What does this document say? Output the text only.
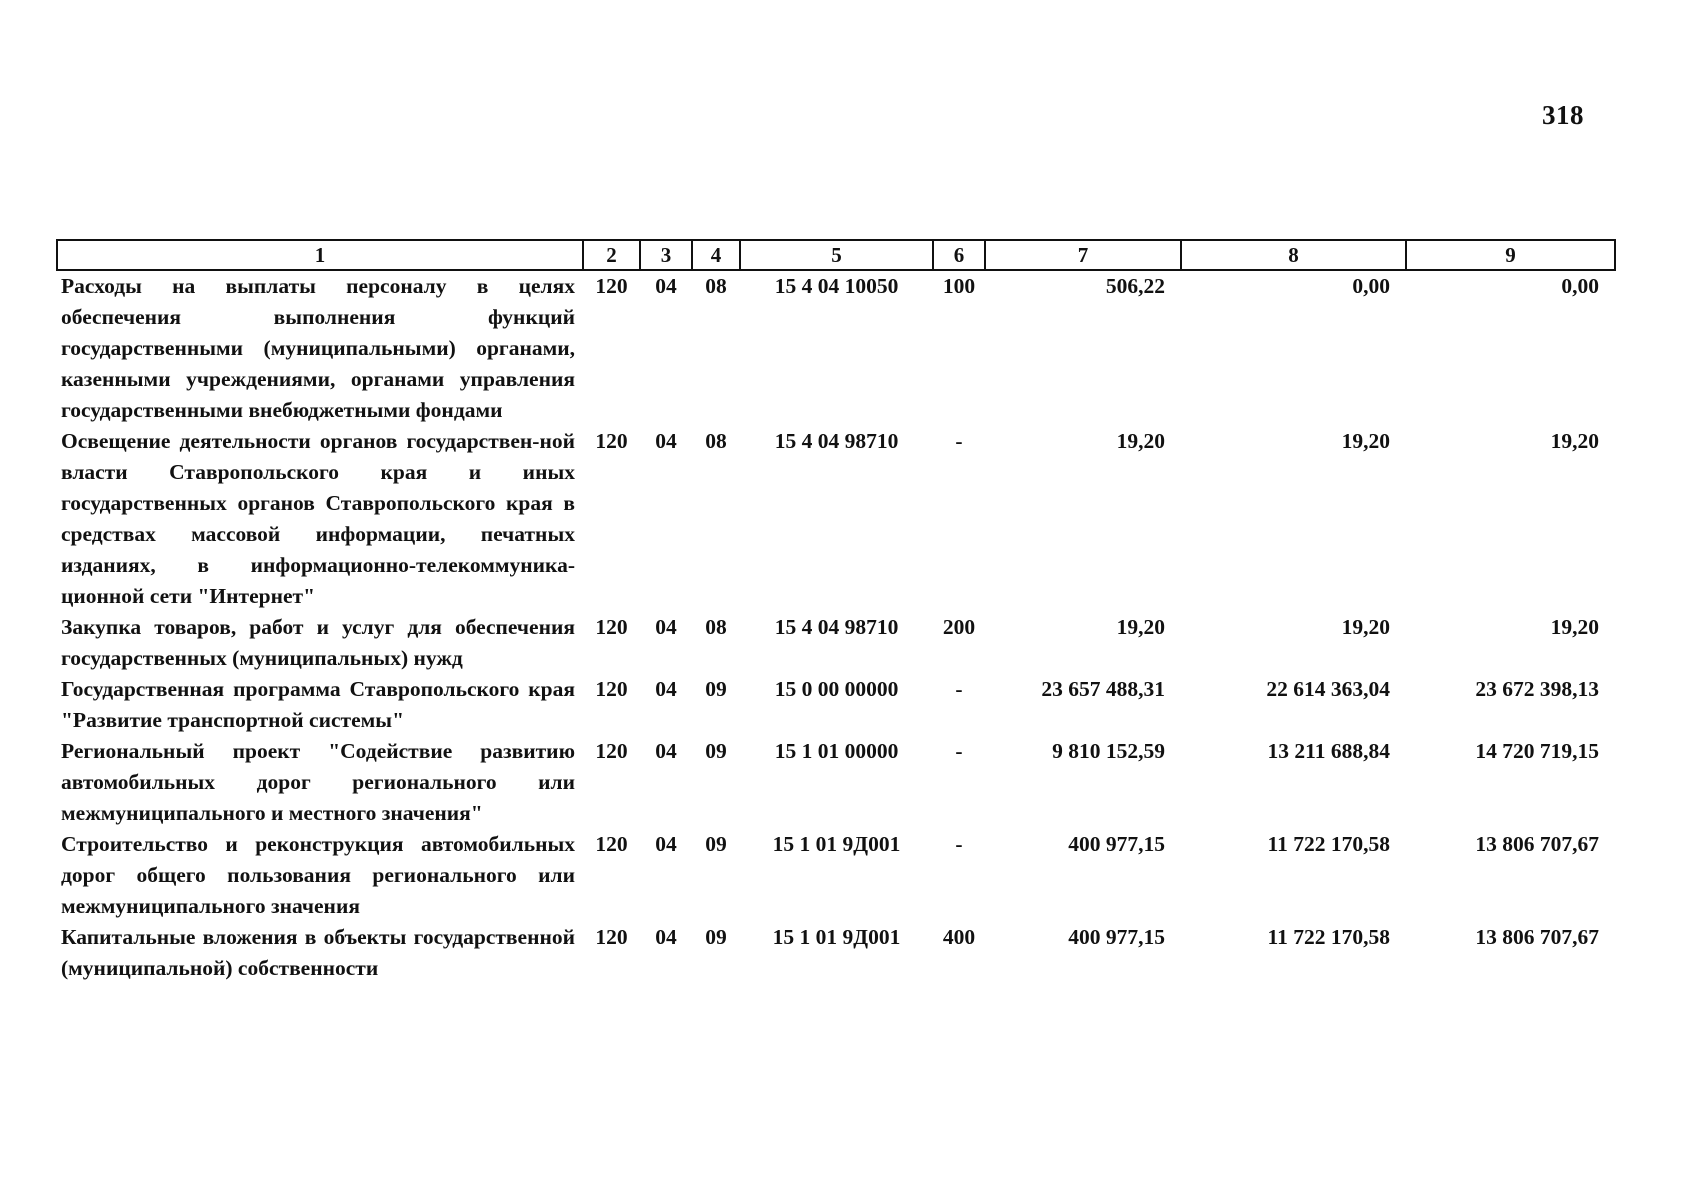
318
1	2	3	4	5	6	7	8	9
Расходы на выплаты персоналу в целях обеспечения выполнения функций государственными (муниципальными) органами, казенными учреждениями, органами управления государственными внебюджетными фондами	120	04	08	15 4 04 10050	100	506,22	0,00	0,00
Освещение деятельности органов государствен-ной власти Ставропольского края и иных государственных органов Ставропольского края в средствах массовой информации, печатных изданиях, в информационно-телекоммуника-ционной сети "Интернет"	120	04	08	15 4 04 98710	-	19,20	19,20	19,20
Закупка товаров, работ и услуг для обеспечения государственных (муниципальных) нужд	120	04	08	15 4 04 98710	200	19,20	19,20	19,20
Государственная программа Ставропольского края "Развитие транспортной системы"	120	04	09	15 0 00 00000	-	23 657 488,31	22 614 363,04	23 672 398,13
Региональный проект "Содействие развитию автомобильных дорог регионального или межмуниципального и местного значения"	120	04	09	15 1 01 00000	-	9 810 152,59	13 211 688,84	14 720 719,15
Строительство и реконструкция автомобильных дорог общего пользования регионального или межмуниципального значения	120	04	09	15 1 01 9Д001	-	400 977,15	11 722 170,58	13 806 707,67
Капитальные вложения в объекты государственной (муниципальной) собственности	120	04	09	15 1 01 9Д001	400	400 977,15	11 722 170,58	13 806 707,67
